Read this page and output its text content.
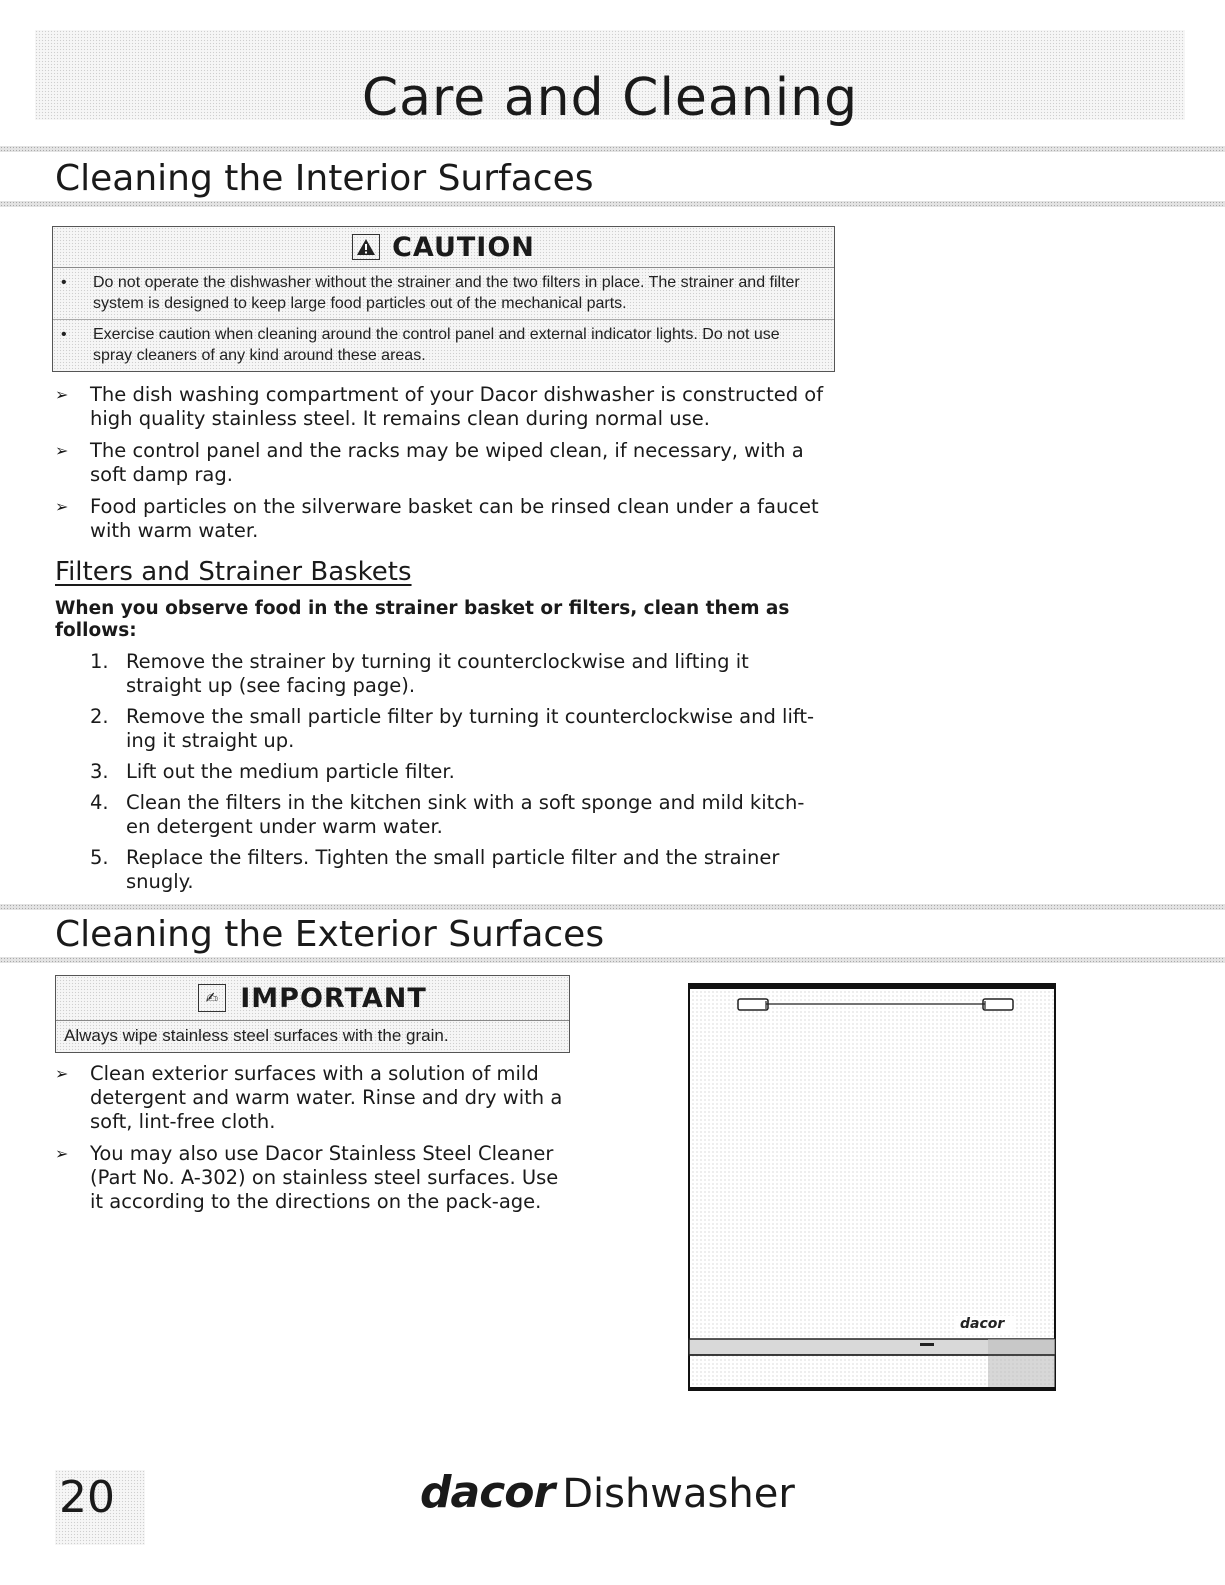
Care and Cleaning
Cleaning the Interior Surfaces
CAUTION
• Do not operate the dishwasher without the strainer and the two filters in place. The strainer and filter system is designed to keep large food particles out of the mechanical parts.
• Exercise caution when cleaning around the control panel and external indicator lights. Do not use spray cleaners of any kind around these areas.
➢ The dish washing compartment of your Dacor dishwasher is constructed of high quality stainless steel. It remains clean during normal use.
➢ The control panel and the racks may be wiped clean, if necessary, with a soft damp rag.
➢ Food particles on the silverware basket can be rinsed clean under a faucet with warm water.
Filters and Strainer Baskets
When you observe food in the strainer basket or filters, clean them as follows:
1. Remove the strainer by turning it counterclockwise and lifting it straight up (see facing page).
2. Remove the small particle filter by turning it counterclockwise and lift-ing it straight up.
3. Lift out the medium particle filter.
4. Clean the filters in the kitchen sink with a soft sponge and mild kitch-en detergent under warm water.
5. Replace the filters. Tighten the small particle filter and the strainer snugly.
Cleaning the Exterior Surfaces
✍ IMPORTANT
Always wipe stainless steel surfaces with the grain.
➢ Clean exterior surfaces with a solution of mild detergent and warm water. Rinse and dry with a soft, lint-free cloth.
➢ You may also use Dacor Stainless Steel Cleaner (Part No. A-302) on stainless steel surfaces. Use it according to the directions on the pack-age.
dacor
20	dacor Dishwasher
